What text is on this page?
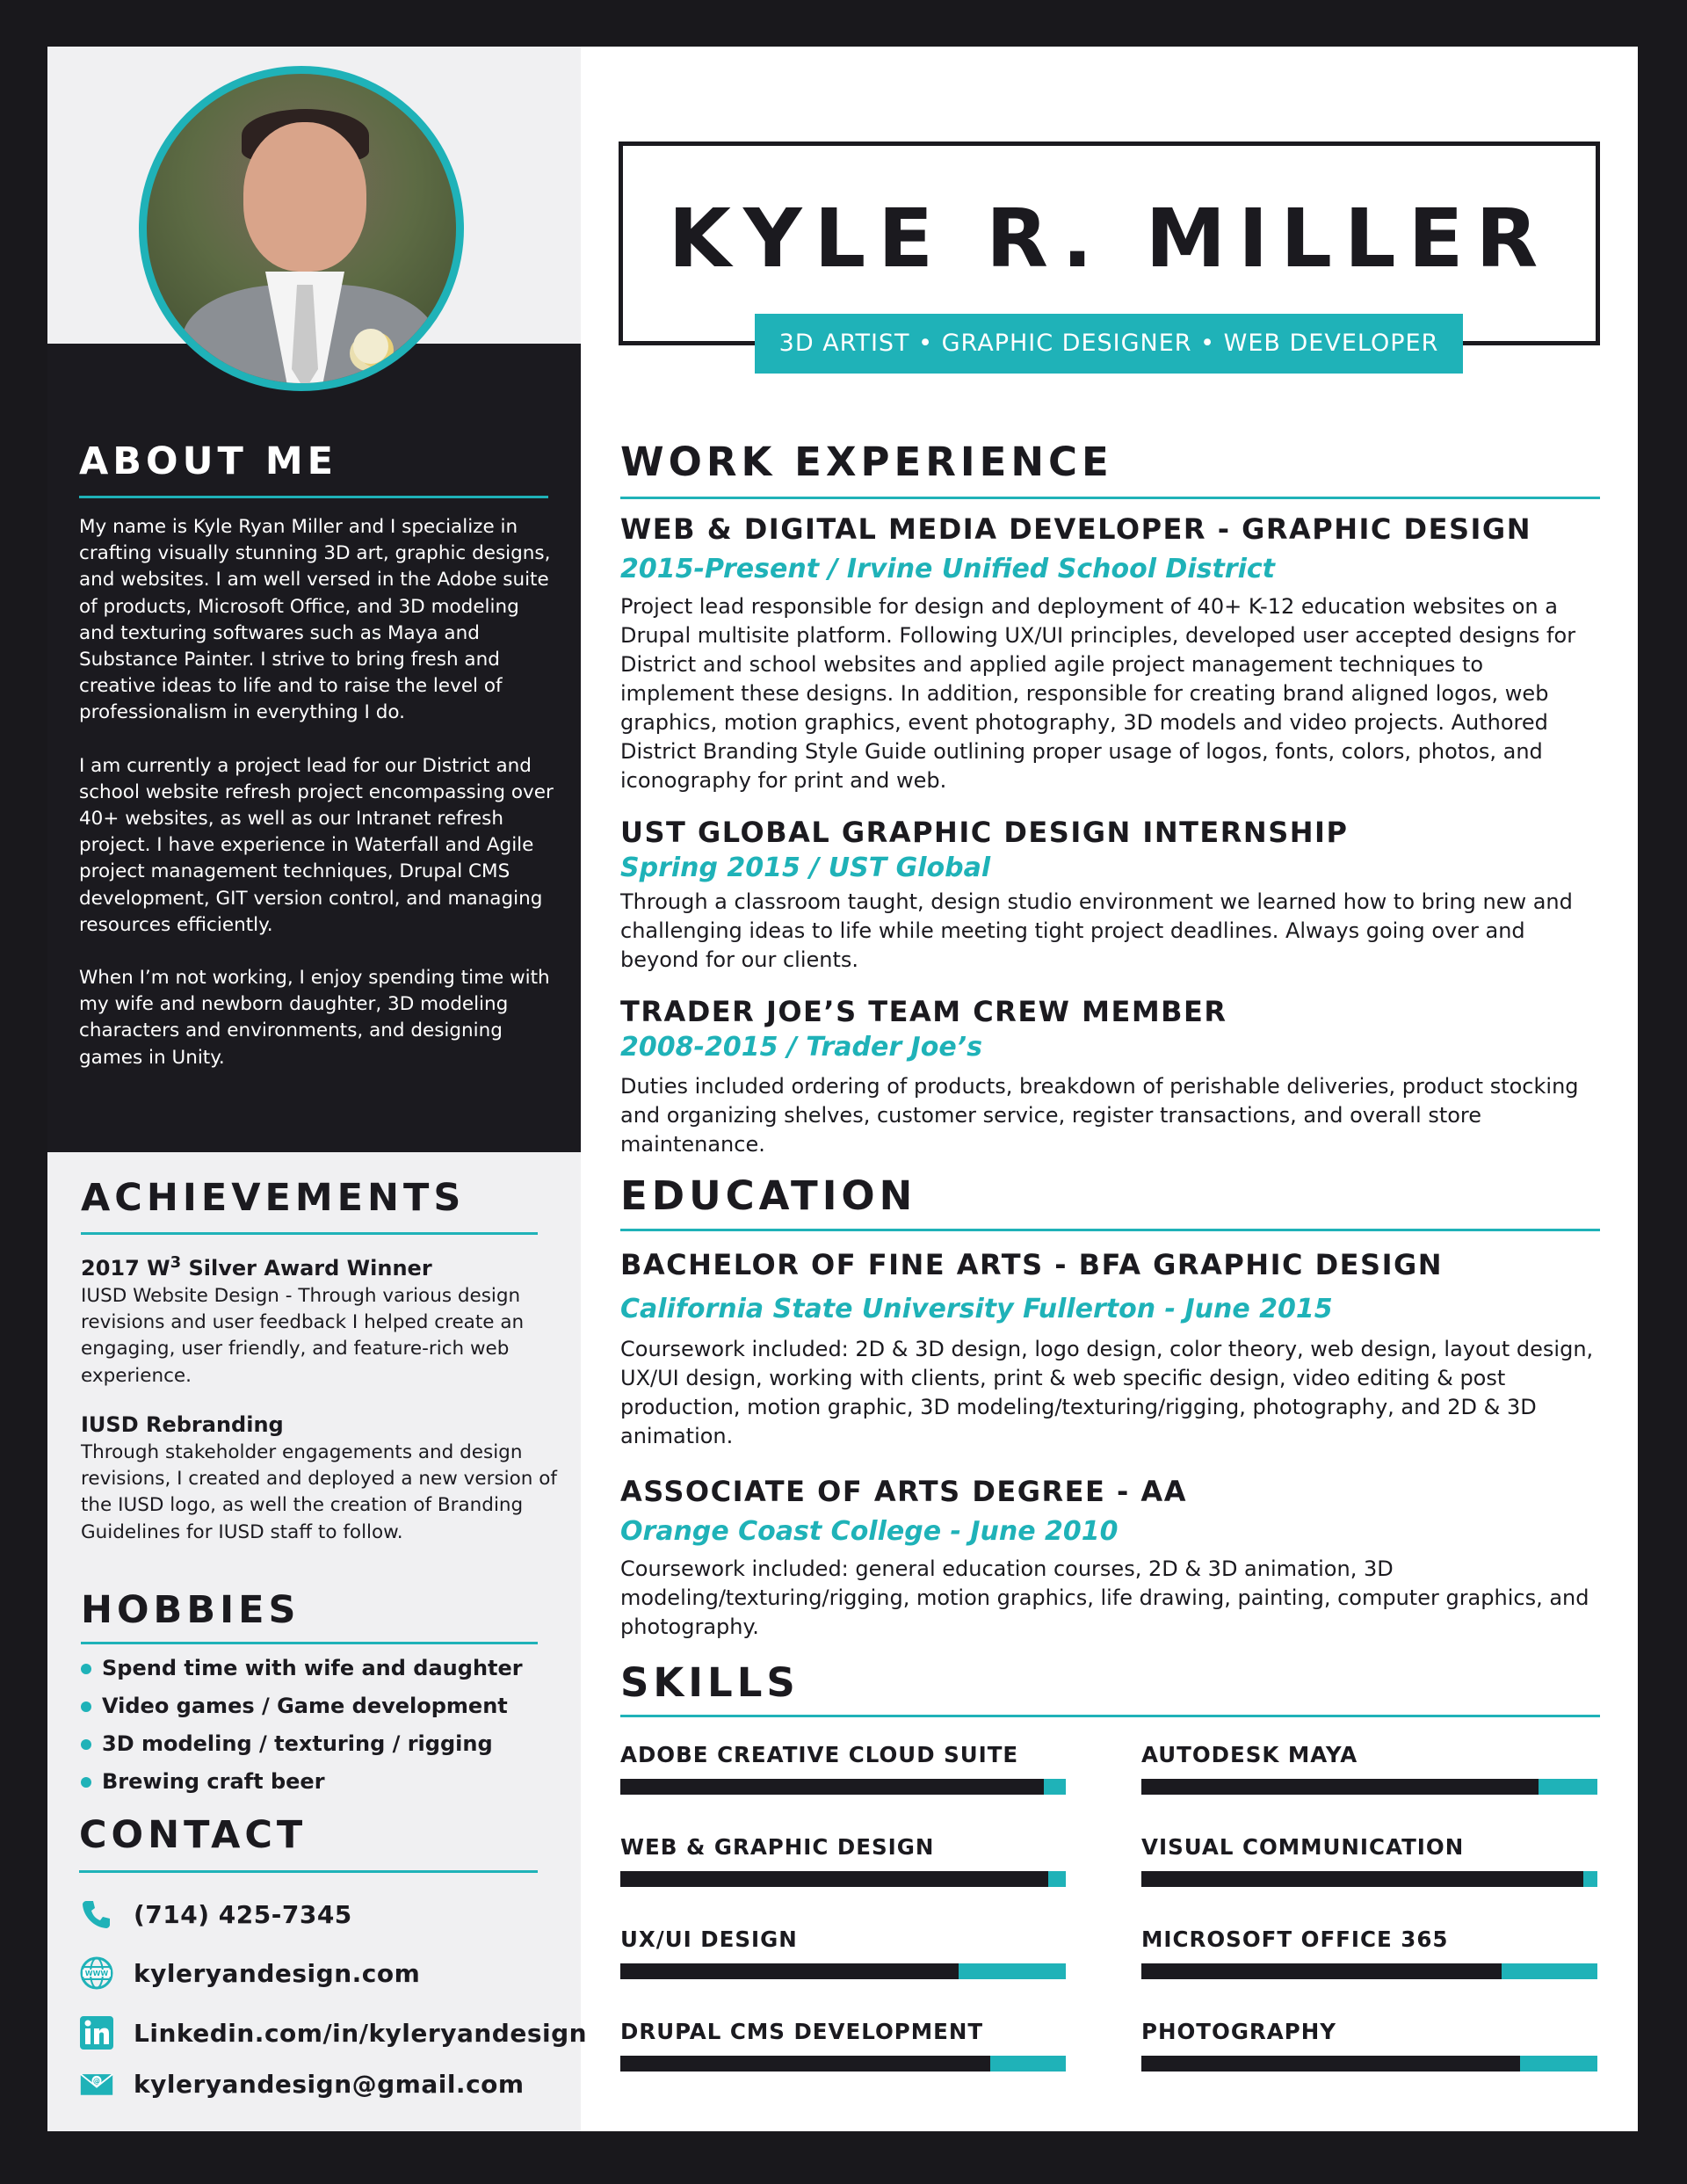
ABOUT ME

My name is Kyle Ryan Miller and I specialize in crafting visually stunning 3D art, graphic designs, and websites. I am well versed in the Adobe suite of products, Microsoft Office, and 3D modeling and texturing softwares such as Maya and Substance Painter. I strive to bring fresh and creative ideas to life and to raise the level of professionalism in everything I do.

I am currently a project lead for our District and school website refresh project encompassing over 40+ websites, as well as our Intranet refresh project. I have experience in Waterfall and Agile project management techniques, Drupal CMS development, GIT version control, and managing resources efficiently.

When I’m not working, I enjoy spending time with my wife and newborn daughter, 3D modeling characters and environments, and designing games in Unity.

ACHIEVEMENTS
2017 $W^3$ Silver Award Winner
IUSD Website Design - Through various design revisions and user feedback I helped create an engaging, user friendly, and feature-rich web experience.
IUSD Rebranding
Through stakeholder engagements and design revisions, I created and deployed a new version of the IUSD logo, as well the creation of Branding Guidelines for IUSD staff to follow.
HOBBIES
Spend time with wife and daughter
Video games / Game development
3D modeling / texturing / rigging
Brewing craft beer
CONTACT
(714) 425-7345
WWW kyleryandesign.com
Linkedin.com/in/kyleryandesign
@ kyleryandesign@gmail.com
KYLE R. MILLER
3D ARTIST • GRAPHIC DESIGNER • WEB DEVELOPER
WORK EXPERIENCE
WEB & DIGITAL MEDIA DEVELOPER - GRAPHIC DESIGN
2015-Present / Irvine Unified School District

Project lead responsible for design and deployment of 40+ K-12 education websites on a Drupal multisite platform. Following UX/UI principles, developed user accepted designs for District and school websites and applied agile project management techniques to implement these designs. In addition, responsible for creating brand aligned logos, web graphics, motion graphics, event photography, 3D models and video projects. Authored District Branding Style Guide outlining proper usage of logos, fonts, colors, photos, and iconography for print and web.

UST GLOBAL GRAPHIC DESIGN INTERNSHIP
Spring 2015 / UST Global

Through a classroom taught, design studio environment we learned how to bring new and challenging ideas to life while meeting tight project deadlines. Always going over and beyond for our clients.

TRADER JOE’S TEAM CREW MEMBER
2008-2015 / Trader Joe’s

Duties included ordering of products, breakdown of perishable deliveries, product stocking and organizing shelves, customer service, register transactions, and overall store maintenance.

EDUCATION
BACHELOR OF FINE ARTS - BFA GRAPHIC DESIGN
California State University Fullerton - June 2015

Coursework included: 2D & 3D design, logo design, color theory, web design, layout design, UX/UI design, working with clients, print & web specific design, video editing & post production, motion graphic, 3D modeling/texturing/rigging, photography, and 2D & 3D animation.

ASSOCIATE OF ARTS DEGREE - AA
Orange Coast College - June 2010

Coursework included: general education courses, 2D & 3D animation, 3D modeling/texturing/rigging, motion graphics, life drawing, painting, computer graphics, and photography.

SKILLS
ADOBE CREATIVE CLOUD SUITE	AUTODESK MAYA
WEB & GRAPHIC DESIGN	VISUAL COMMUNICATION
UX/UI DESIGN	MICROSOFT OFFICE 365
DRUPAL CMS DEVELOPMENT	PHOTOGRAPHY
